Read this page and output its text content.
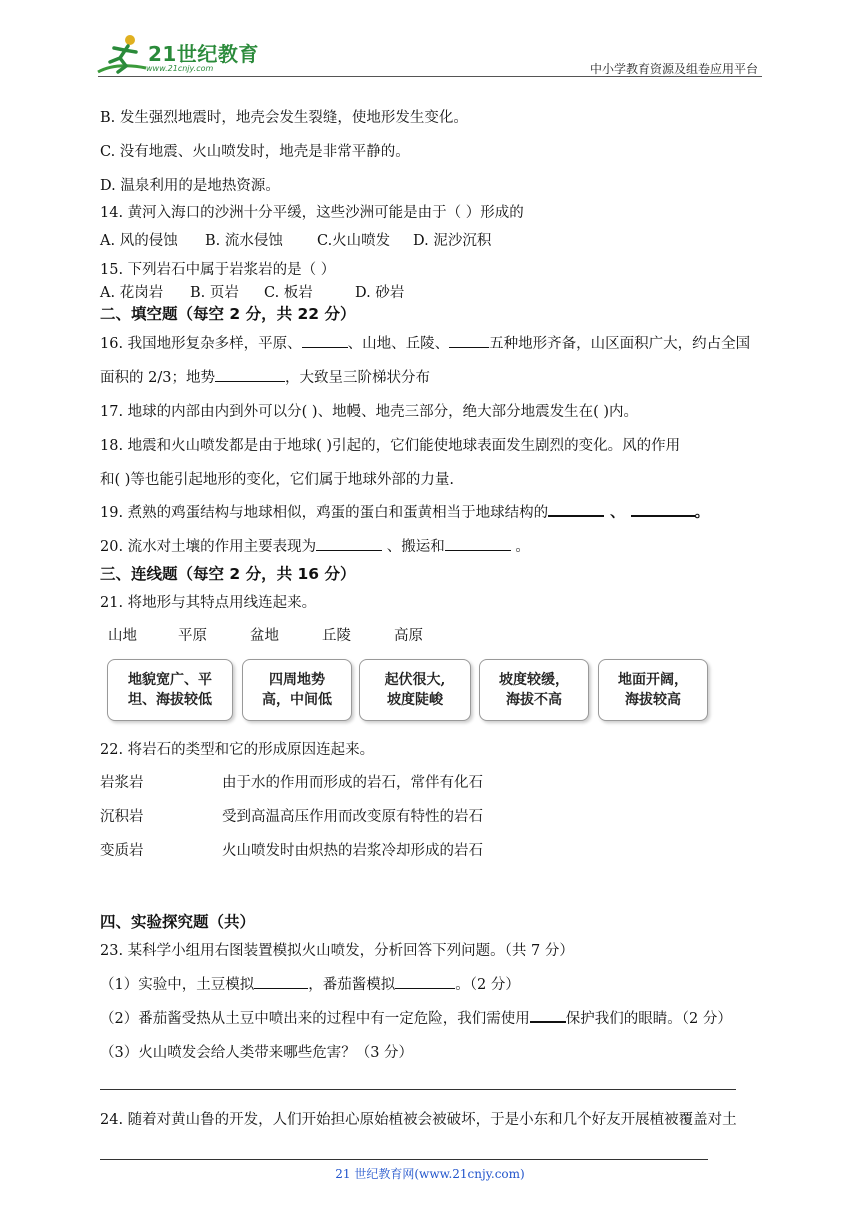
21世纪教育
www.21cnjy.com	中小学教育资源及组卷应用平台
B. 发生强烈地震时，地壳会发生裂缝，使地形发生变化。
C. 没有地震、火山喷发时，地壳是非常平静的。
D. 温泉利用的是地热资源。
14. 黄河入海口的沙洲十分平缓，这些沙洲可能是由于（ ）形成的
A. 风的侵蚀 B. 流水侵蚀 C.火山喷发 D. 泥沙沉积
15. 下列岩石中属于岩浆岩的是（ ）
A. 花岗岩 B. 页岩 C. 板岩	D. 砂岩
二、填空题（每空 2 分，共 22 分）
16. 我国地形复杂多样，平原、	、山地、丘陵、	五种地形齐备，山区面积广大，约占全国
面积的 2/3；地势	，大致呈三阶梯状分布
17. 地球的内部由内到外可以分( )、地幔、地壳三部分，绝大部分地震发生在( )内。
18. 地震和火山喷发都是由于地球( )引起的，它们能使地球表面发生剧烈的变化。风的作用
和( )等也能引起地形的变化，它们属于地球外部的力量.
19. 煮熟的鸡蛋结构与地球相似，鸡蛋的蛋白和蛋黄相当于地球结构的	、	。
20. 流水对土壤的作用主要表现为	、搬运和	。
三、连线题（每空 2 分，共 16 分）
21. 将地形与其特点用线连起来。
山地	平原	盆地	丘陵	高原
地貌宽广、平
坦、海拔较低
四周地势
高，中间低
起伏很大,
坡度陡峻
坡度较缓，
海拔不高
地面开阔，
海拔较高
22. 将岩石的类型和它的形成原因连起来。
岩浆岩	由于水的作用而形成的岩石，常伴有化石
沉积岩	受到高温高压作用而改变原有特性的岩石
变质岩	火山喷发时由炽热的岩浆冷却形成的岩石
四、实验探究题（共）
23. 某科学小组用右图装置模拟火山喷发，分析回答下列问题。（共 7 分）
（1）实验中，土豆模拟	，番茄酱模拟	。（2 分）
（2）番茄酱受热从土豆中喷出来的过程中有一定危险，我们需使用 保护我们的眼睛。（2 分）
（3）火山喷发会给人类带来哪些危害？（3 分）
24. 随着对黄山鲁的开发，人们开始担心原始植被会被破坏，于是小东和几个好友开展植被覆盖对土
21 世纪教育网(www.21cnjy.com)
